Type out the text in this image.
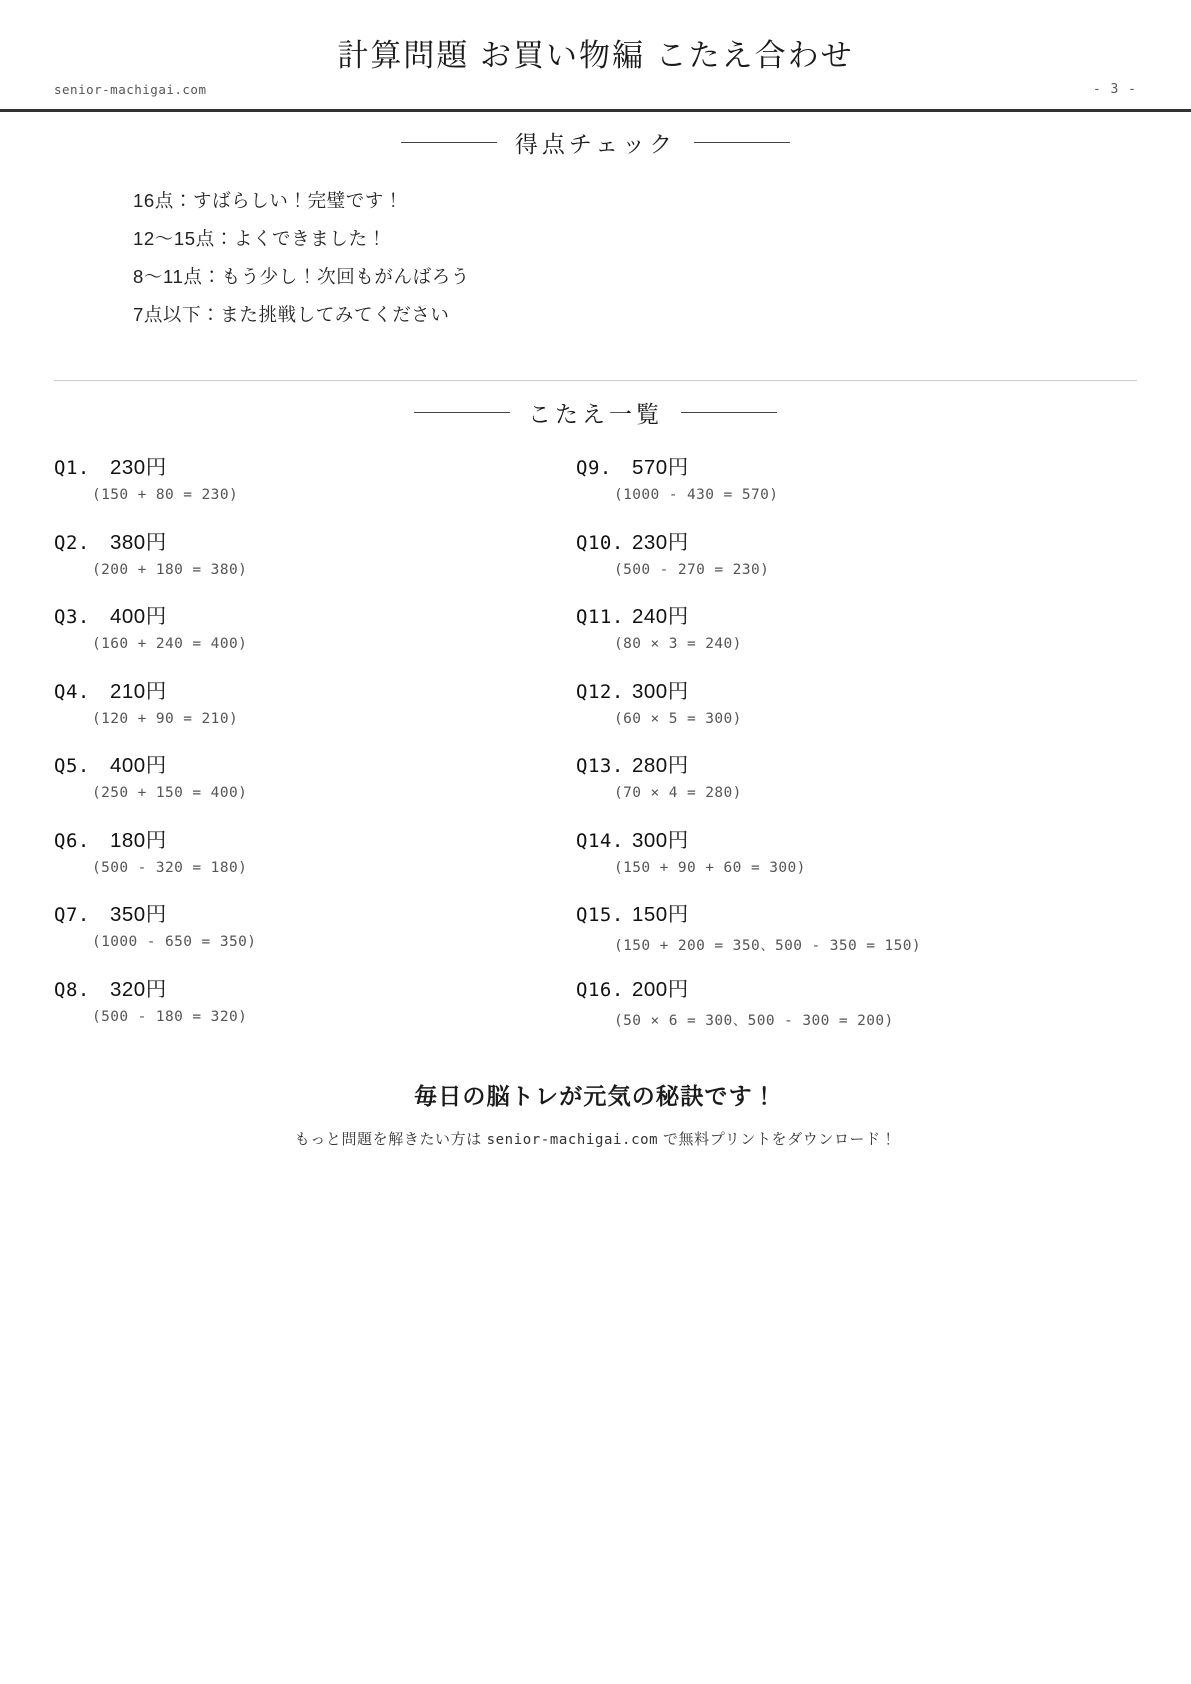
計算問題 お買い物編 こたえ合わせ
senior-machigai.com	- 3 -
得点チェック
16点：すばらしい！完璧です！
12〜15点：よくできました！
8〜11点：もう少し！次回もがんばろう
7点以下：また挑戦してみてください
こたえ一覧
Q1. 230円
(150 + 80 = 230)
Q2. 380円
(200 + 180 = 380)
Q3. 400円
(160 + 240 = 400)
Q4. 210円
(120 + 90 = 210)
Q5. 400円
(250 + 150 = 400)
Q6. 180円
(500 - 320 = 180)
Q7. 350円
(1000 - 650 = 350)
Q8. 320円
(500 - 180 = 320)
Q9. 570円
(1000 - 430 = 570)
Q10. 230円
(500 - 270 = 230)
Q11. 240円
(80 × 3 = 240)
Q12. 300円
(60 × 5 = 300)
Q13. 280円
(70 × 4 = 280)
Q14. 300円
(150 + 90 + 60 = 300)
Q15. 150円
(150 + 200 = 350、500 - 350 = 150)
Q16. 200円
(50 × 6 = 300、500 - 300 = 200)
毎日の脳トレが元気の秘訣です！
もっと問題を解きたい方は senior-machigai.com で無料プリントをダウンロード！
